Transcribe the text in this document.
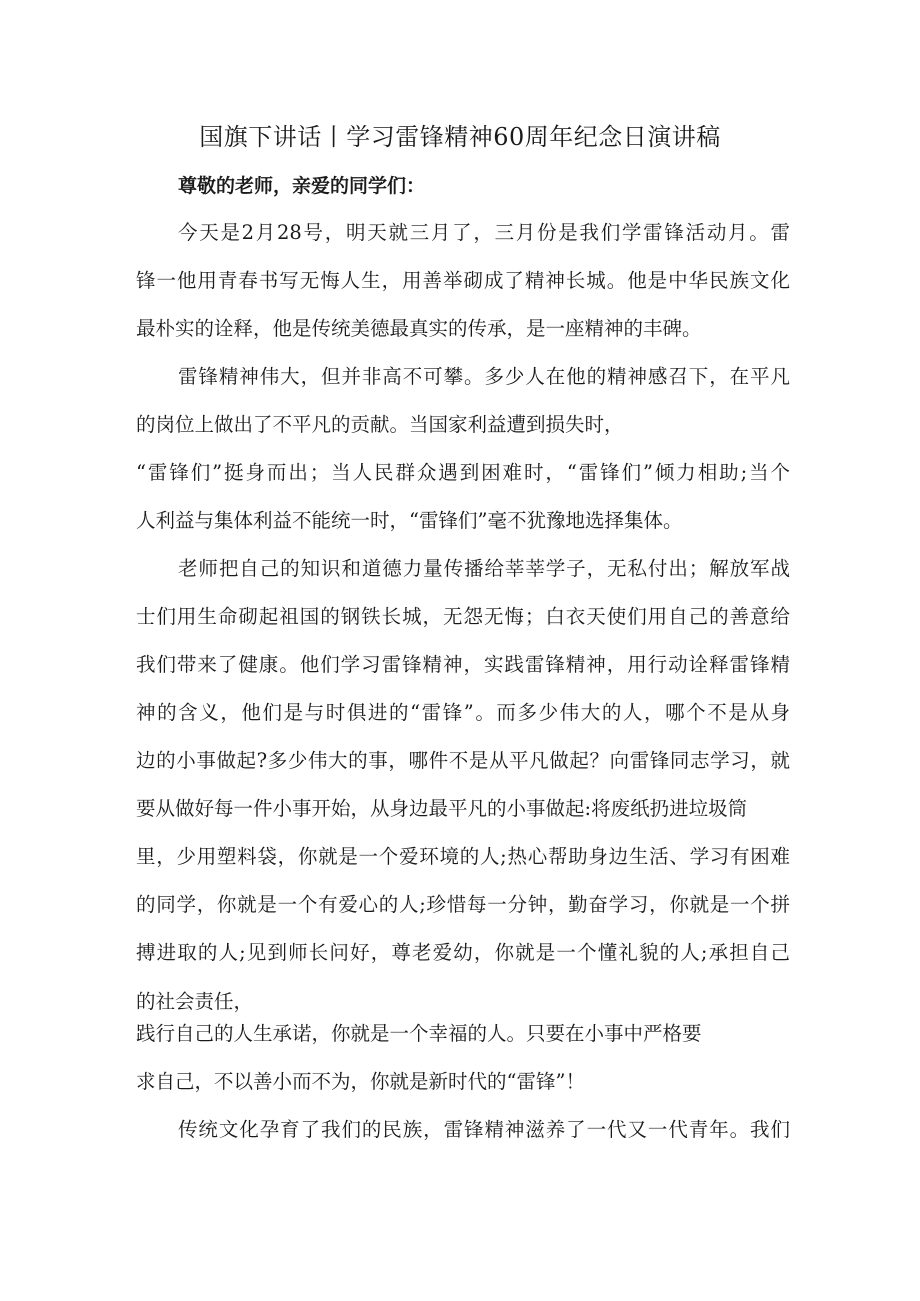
国旗下讲话丨学习雷锋精神60周年纪念日演讲稿
尊敬的老师，亲爱的同学们：
今天是2月28号，明天就三月了，三月份是我们学雷锋活动月。雷
锋一他用青春书写无悔人生，用善举砌成了精神长城。他是中华民族文化
最朴实的诠释，他是传统美德最真实的传承，是一座精神的丰碑。
雷锋精神伟大，但并非高不可攀。多少人在他的精神感召下，在平凡
的岗位上做出了不平凡的贡献。当国家利益遭到损失时，
“雷锋们”挺身而出；当人民群众遇到困难时，“雷锋们”倾力相助;当个
人利益与集体利益不能统一时，“雷锋们”毫不犹豫地选择集体。
老师把自己的知识和道德力量传播给莘莘学子，无私付出；解放军战
士们用生命砌起祖国的钢铁长城，无怨无悔；白衣天使们用自己的善意给
我们带来了健康。他们学习雷锋精神，实践雷锋精神，用行动诠释雷锋精
神的含义，他们是与时俱进的“雷锋”。而多少伟大的人，哪个不是从身
边的小事做起?多少伟大的事，哪件不是从平凡做起？向雷锋同志学习，就
要从做好每一件小事开始，从身边最平凡的小事做起:将废纸扔进垃圾筒
里，少用塑料袋，你就是一个爱环境的人;热心帮助身边生活、学习有困难
的同学，你就是一个有爱心的人;珍惜每一分钟，勤奋学习，你就是一个拼
搏进取的人;见到师长问好，尊老爱幼，你就是一个懂礼貌的人;承担自己
的社会责任，
践行自己的人生承诺，你就是一个幸福的人。只要在小事中严格要
求自己，不以善小而不为，你就是新时代的“雷锋”！
传统文化孕育了我们的民族，雷锋精神滋养了一代又一代青年。我们
